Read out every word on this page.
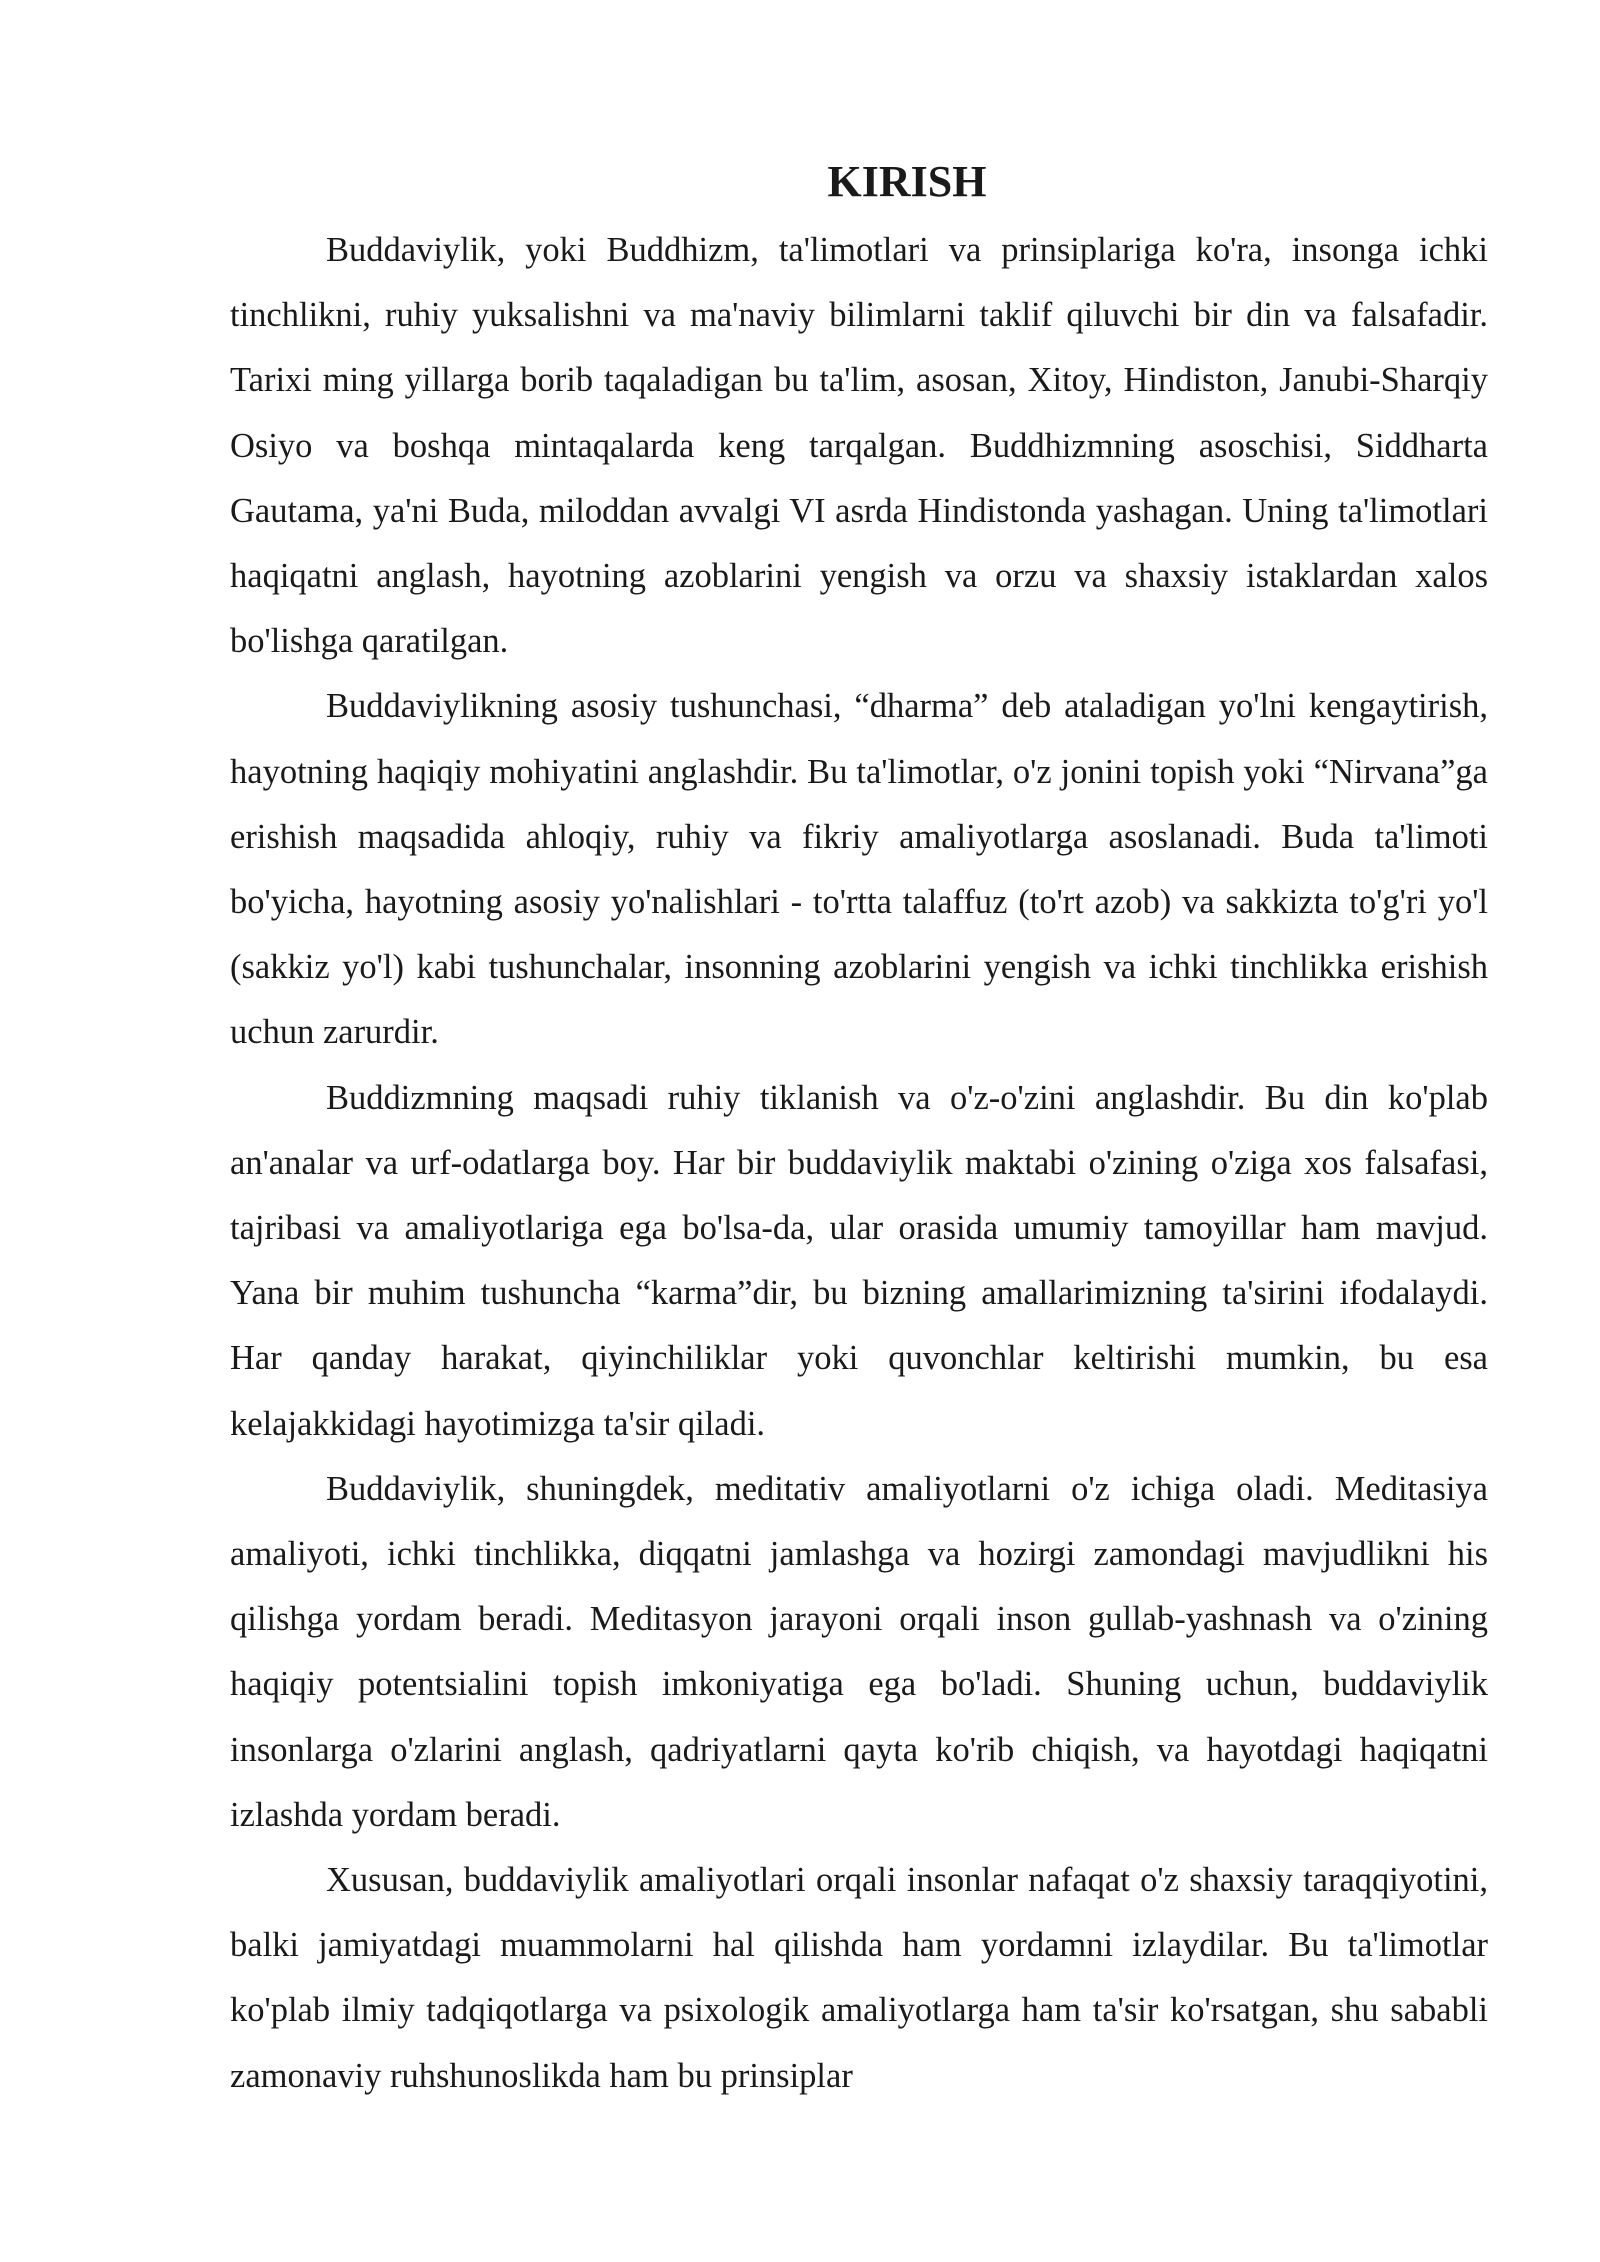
KIRISH

Buddaviylik, yoki Buddhizm, ta'limotlari va prinsiplariga ko'ra, insonga ichki tinchlikni, ruhiy yuksalishni va ma'naviy bilimlarni taklif qiluvchi bir din va falsafadir. Tarixi ming yillarga borib taqaladigan bu ta'lim, asosan, Xitoy, Hindiston, Janubi-Sharqiy Osiyo va boshqa mintaqalarda keng tarqalgan. Buddhizmning asoschisi, Siddharta Gautama, ya'ni Buda, miloddan avvalgi VI asrda Hindistonda yashagan. Uning ta'limotlari haqiqatni anglash, hayotning azoblarini yengish va orzu va shaxsiy istaklardan xalos bo'lishga qaratilgan.

Buddaviylikning asosiy tushunchasi, “dharma” deb ataladigan yo'lni kengaytirish, hayotning haqiqiy mohiyatini anglashdir. Bu ta'limotlar, o'z jonini topish yoki “Nirvana”ga erishish maqsadida ahloqiy, ruhiy va fikriy amaliyotlarga asoslanadi. Buda ta'limoti bo'yicha, hayotning asosiy yo'nalishlari - to'rtta talaffuz (to'rt azob) va sakkizta to'g'ri yo'l (sakkiz yo'l) kabi tushunchalar, insonning azoblarini yengish va ichki tinchlikka erishish uchun zarurdir.

Buddizmning maqsadi ruhiy tiklanish va o'z-o'zini anglashdir. Bu din ko'plab an'analar va urf-odatlarga boy. Har bir buddaviylik maktabi o'zining o'ziga xos falsafasi, tajribasi va amaliyotlariga ega bo'lsa-da, ular orasida umumiy tamoyillar ham mavjud. Yana bir muhim tushuncha “karma”dir, bu bizning amallarimizning ta'sirini ifodalaydi. Har qanday harakat, qiyinchiliklar yoki quvonchlar keltirishi mumkin, bu esa kelajakkidagi hayotimizga ta'sir qiladi.

Buddaviylik, shuningdek, meditativ amaliyotlarni o'z ichiga oladi. Meditasiya amaliyoti, ichki tinchlikka, diqqatni jamlashga va hozirgi zamondagi mavjudlikni his qilishga yordam beradi. Meditasyon jarayoni orqali inson gullab-yashnash va o'zining haqiqiy potentsialini topish imkoniyatiga ega bo'ladi. Shuning uchun, buddaviylik insonlarga o'zlarini anglash, qadriyatlarni qayta ko'rib chiqish, va hayotdagi haqiqatni izlashda yordam beradi.

Xususan, buddaviylik amaliyotlari orqali insonlar nafaqat o'z shaxsiy taraqqiyotini, balki jamiyatdagi muammolarni hal qilishda ham yordamni izlaydilar. Bu ta'limotlar ko'plab ilmiy tadqiqotlarga va psixologik amaliyotlarga ham ta'sir ko'rsatgan, shu sababli zamonaviy ruhshunoslikda ham bu prinsiplar
